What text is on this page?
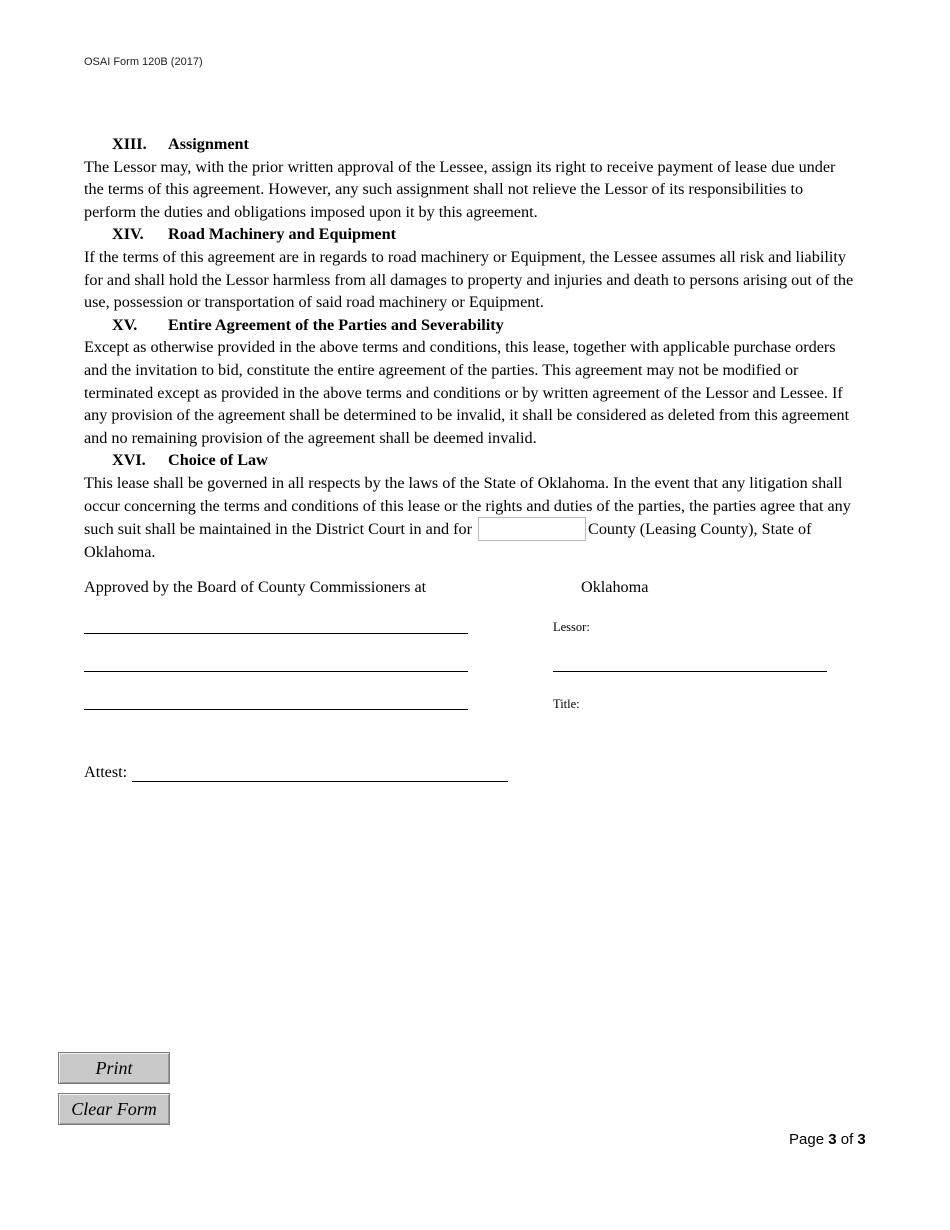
OSAI Form 120B (2017)
XIII.	Assignment

The Lessor may, with the prior written approval of the Lessee, assign its right to receive payment of lease due under the terms of this agreement. However, any such assignment shall not relieve the Lessor of its responsibilities to perform the duties and obligations imposed upon it by this agreement.

XIV.	Road Machinery and Equipment

If the terms of this agreement are in regards to road machinery or Equipment, the Lessee assumes all risk and liability for and shall hold the Lessor harmless from all damages to property and injuries and death to persons arising out of the use, possession or transportation of said road machinery or Equipment.

XV.	Entire Agreement of the Parties and Severability

Except as otherwise provided in the above terms and conditions, this lease, together with applicable purchase orders and the invitation to bid, constitute the entire agreement of the parties. This agreement may not be modified or terminated except as provided in the above terms and conditions or by written agreement of the Lessor and Lessee. If any provision of the agreement shall be determined to be invalid, it shall be considered as deleted from this agreement and no remaining provision of the agreement shall be deemed invalid.

XVI.	Choice of Law

This lease shall be governed in all respects by the laws of the State of Oklahoma. In the event that any litigation shall occur concerning the terms and conditions of this lease or the rights and duties of the parties, the parties agree that any such suit shall be maintained in the District Court in and for	County (Leasing County), State of Oklahoma.

Approved by the Board of County Commissioners at	Oklahoma
Lessor:
Title:
Attest:
Print
Clear Form
Page 3 of 3
